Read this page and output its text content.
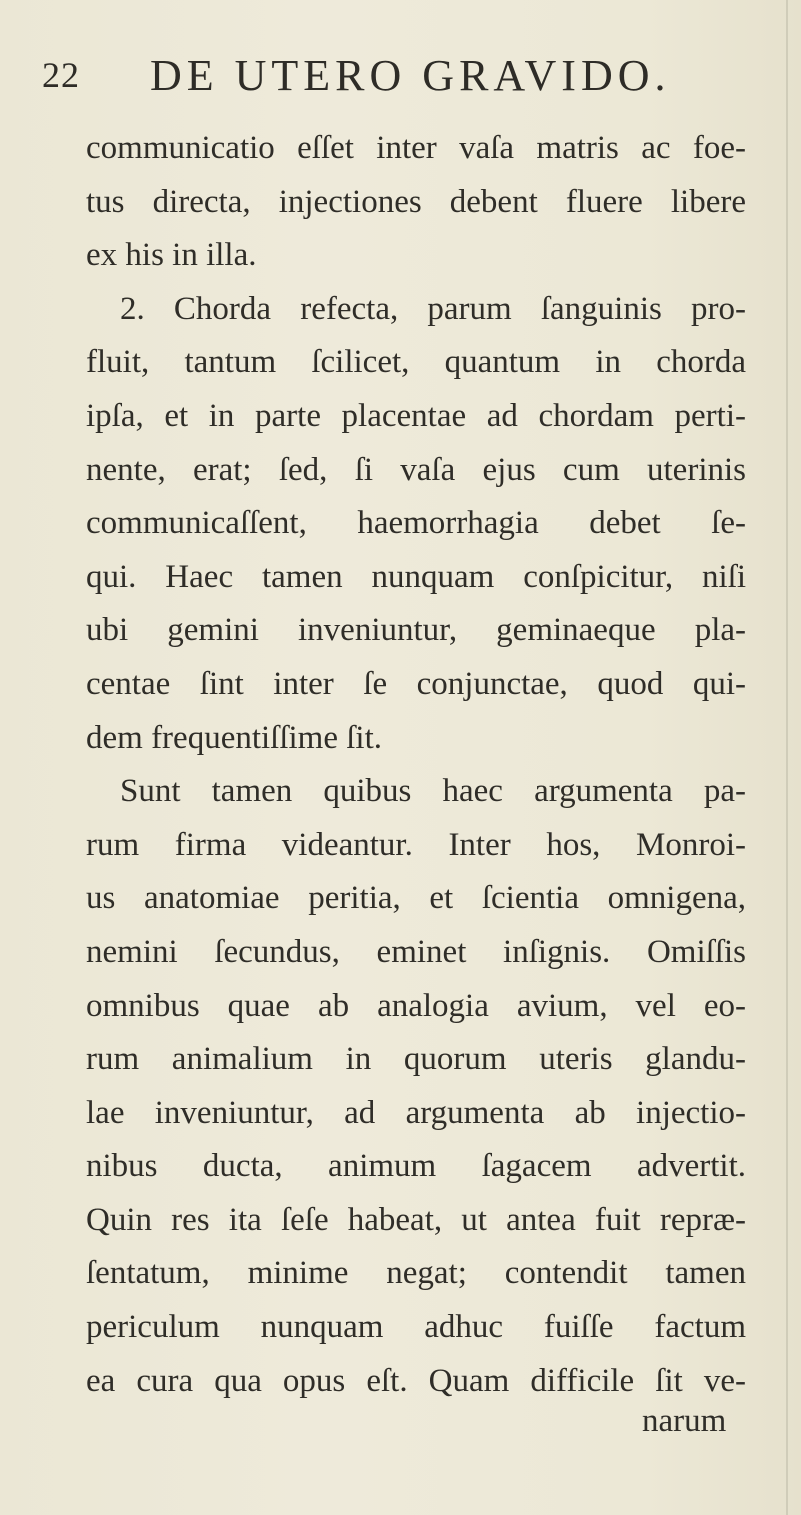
22 DE UTERO GRAVIDO.
communicatio eſſet inter vaſa matris ac foe-
tus directa, injectiones debent fluere libere
ex his in illa.
2. Chorda refecta, parum ſanguinis pro-
fluit, tantum ſcilicet, quantum in chorda
ipſa, et in parte placentae ad chordam perti-
nente, erat; ſed, ſi vaſa ejus cum uterinis
communicaſſent, haemorrhagia debet ſe-
qui. Haec tamen nunquam conſpicitur, niſi
ubi gemini inveniuntur, geminaeque pla-
centae ſint inter ſe conjunctae, quod qui-
dem frequentiſſime ſit.
Sunt tamen quibus haec argumenta pa-
rum firma videantur. Inter hos, Monroi-
us anatomiae peritia, et ſcientia omnigena,
nemini ſecundus, eminet inſignis. Omiſſis
omnibus quae ab analogia avium, vel eo-
rum animalium in quorum uteris glandu-
lae inveniuntur, ad argumenta ab injectio-
nibus ducta, animum ſagacem advertit.
Quin res ita ſeſe habeat, ut antea fuit repræ-
ſentatum, minime negat; contendit tamen
periculum nunquam adhuc fuiſſe factum
ea cura qua opus eſt. Quam difficile ſit ve-
narum
